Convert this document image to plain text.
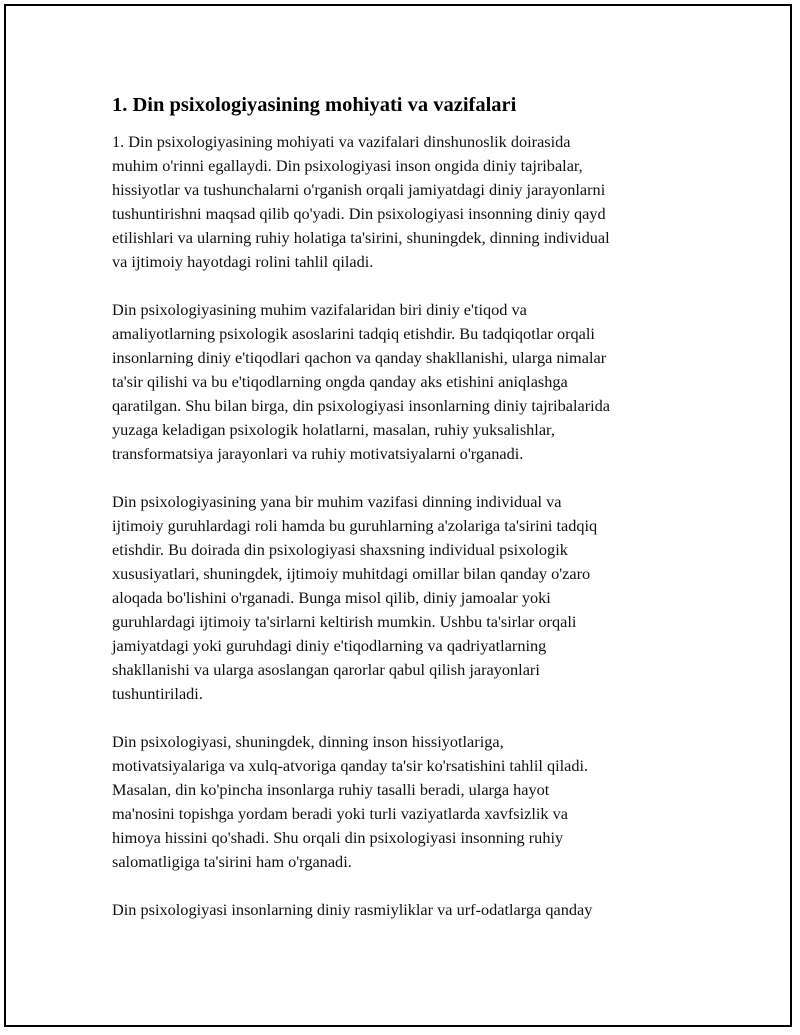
1. Din psixologiyasining mohiyati va vazifalari

1. Din psixologiyasining mohiyati va vazifalari dinshunoslik doirasida
muhim o'rinni egallaydi. Din psixologiyasi inson ongida diniy tajribalar,
hissiyotlar va tushunchalarni o'rganish orqali jamiyatdagi diniy jarayonlarni
tushuntirishni maqsad qilib qo'yadi. Din psixologiyasi insonning diniy qayd
etilishlari va ularning ruhiy holatiga ta'sirini, shuningdek, dinning individual
va ijtimoiy hayotdagi rolini tahlil qiladi.

Din psixologiyasining muhim vazifalaridan biri diniy e'tiqod va
amaliyotlarning psixologik asoslarini tadqiq etishdir. Bu tadqiqotlar orqali
insonlarning diniy e'tiqodlari qachon va qanday shakllanishi, ularga nimalar
ta'sir qilishi va bu e'tiqodlarning ongda qanday aks etishini aniqlashga
qaratilgan. Shu bilan birga, din psixologiyasi insonlarning diniy tajribalarida
yuzaga keladigan psixologik holatlarni, masalan, ruhiy yuksalishlar,
transformatsiya jarayonlari va ruhiy motivatsiyalarni o'rganadi.

Din psixologiyasining yana bir muhim vazifasi dinning individual va
ijtimoiy guruhlardagi roli hamda bu guruhlarning a'zolariga ta'sirini tadqiq
etishdir. Bu doirada din psixologiyasi shaxsning individual psixologik
xususiyatlari, shuningdek, ijtimoiy muhitdagi omillar bilan qanday o'zaro
aloqada bo'lishini o'rganadi. Bunga misol qilib, diniy jamoalar yoki
guruhlardagi ijtimoiy ta'sirlarni keltirish mumkin. Ushbu ta'sirlar orqali
jamiyatdagi yoki guruhdagi diniy e'tiqodlarning va qadriyatlarning
shakllanishi va ularga asoslangan qarorlar qabul qilish jarayonlari
tushuntiriladi.

Din psixologiyasi, shuningdek, dinning inson hissiyotlariga,
motivatsiyalariga va xulq-atvoriga qanday ta'sir ko'rsatishini tahlil qiladi.
Masalan, din ko'pincha insonlarga ruhiy tasalli beradi, ularga hayot
ma'nosini topishga yordam beradi yoki turli vaziyatlarda xavfsizlik va
himoya hissini qo'shadi. Shu orqali din psixologiyasi insonning ruhiy
salomatligiga ta'sirini ham o'rganadi.

Din psixologiyasi insonlarning diniy rasmiyliklar va urf-odatlarga qanday
